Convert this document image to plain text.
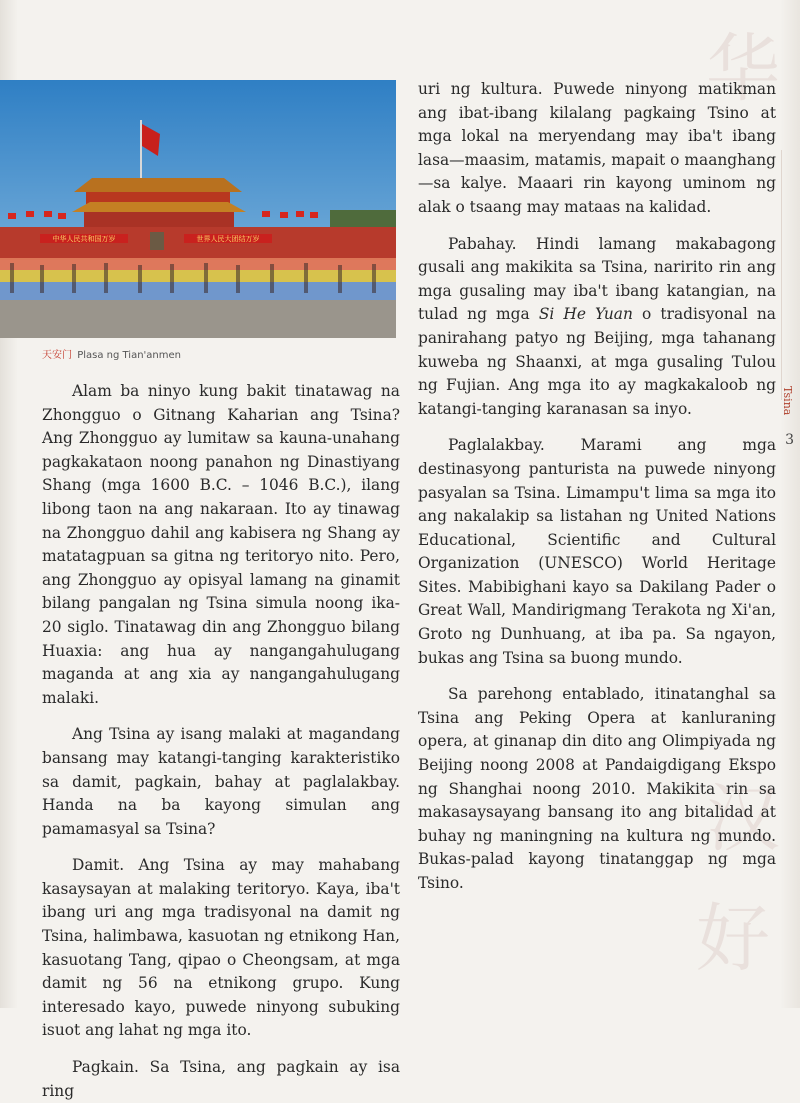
华
汉
好
中华人民共和国万岁	世界人民大团结万岁
天安门 Plasa ng Tian'anmen

Alam ba ninyo kung bakit tinatawag na Zhongguo o Gitnang Kaharian ang Tsina? Ang Zhongguo ay lumitaw sa kauna-unahang pagkakataon noong panahon ng Dinastiyang Shang (mga 1600 B.C. – 1046 B.C.), ilang libong taon na ang nakaraan. Ito ay tinawag na Zhongguo dahil ang kabisera ng Shang ay matatagpuan sa gitna ng teritoryo nito. Pero, ang Zhongguo ay opisyal lamang na ginamit bilang pangalan ng Tsina simula noong ika-20 siglo. Tinatawag din ang Zhongguo bilang Huaxia: ang hua ay nangangahulugang maganda at ang xia ay nangangahulugang malaki.

Ang Tsina ay isang malaki at magandang bansang may katangi-tanging karakteristiko sa damit, pagkain, bahay at paglalakbay. Handa na ba kayong simulan ang pamamasyal sa Tsina?

Damit. Ang Tsina ay may mahabang kasaysayan at malaking teritoryo. Kaya, iba't ibang uri ang mga tradisyonal na damit ng Tsina, halimbawa, kasuotan ng etnikong Han, kasuotang Tang, qipao o Cheongsam, at mga damit ng 56 na etnikong grupo. Kung interesado kayo, puwede ninyong subuking isuot ang lahat ng mga ito.

Pagkain. Sa Tsina, ang pagkain ay isa ring

uri ng kultura. Puwede ninyong matikman ang ibat-ibang kilalang pagkaing Tsino at mga lokal na meryendang may iba't ibang lasa—maasim, matamis, mapait o maanghang—sa kalye. Maaari rin kayong uminom ng alak o tsaang may mataas na kalidad.

Pabahay. Hindi lamang makabagong gusali ang makikita sa Tsina, naririto rin ang mga gusaling may iba't ibang katangian, na tulad ng mga Si He Yuan o tradisyonal na panirahang patyo ng Beijing, mga tahanang kuweba ng Shaanxi, at mga gusaling Tulou ng Fujian. Ang mga ito ay magkakaloob ng katangi-tanging karanasan sa inyo.

Paglalakbay. Marami ang mga destinasyong panturista na puwede ninyong pasyalan sa Tsina. Limampu't lima sa mga ito ang nakalakip sa listahan ng United Nations Educational, Scientific and Cultural Organization (UNESCO) World Heritage Sites. Mabibighani kayo sa Dakilang Pader o Great Wall, Mandirigmang Terakota ng Xi'an, Groto ng Dunhuang, at iba pa. Sa ngayon, bukas ang Tsina sa buong mundo.

Sa parehong entablado, itinatanghal sa Tsina ang Peking Opera at kanluraning opera, at ginanap din dito ang Olimpiyada ng Beijing noong 2008 at Pandaigdigang Ekspo ng Shanghai noong 2010. Makikita rin sa makasaysayang bansang ito ang bitalidad at buhay ng maningning na kultura ng mundo. Bukas-palad kayong tinatanggap ng mga Tsino.

Tsina
3
